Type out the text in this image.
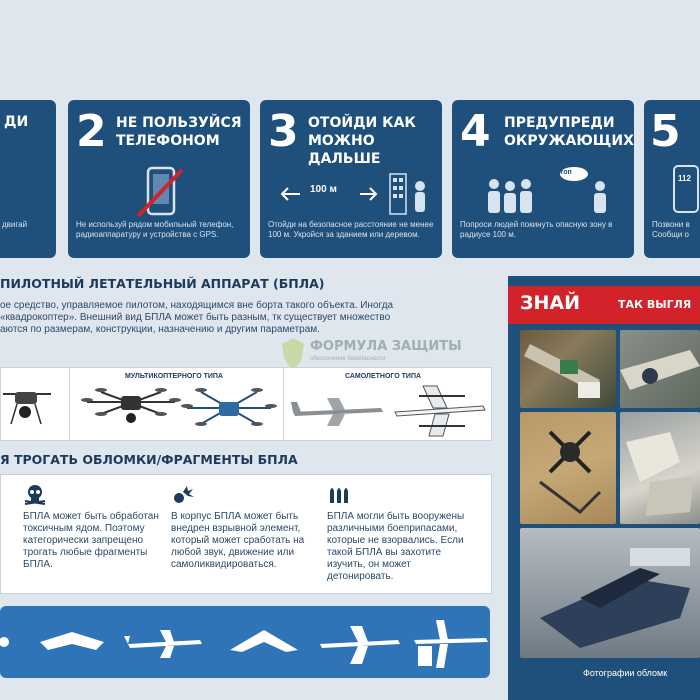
ДИ
двигай
2 НЕ ПОЛЬЗУЙСЯ ТЕЛЕФОНОМ
Не используй рядом мобильный телефон, радиоаппаратуру и устройства с GPS.
3 ОТОЙДИ КАК МОЖНО ДАЛЬШЕ
100 м
Отойди на безопасное расстояние не менее 100 м. Укройся за зданием или деревом.
4 ПРЕДУПРЕДИ ОКРУЖАЮЩИХ
стоп
Попроси людей покинуть опасную зону в радиусе 100 м.
5
112
Позвони в Сообщи о
ПИЛОТНЫЙ ЛЕТАТЕЛЬНЫЙ АППАРАТ (БПЛА)
ое средство, управляемое пилотом, находящимся вне борта такого объекта. Иногда
«квадрокоптер». Внешний вид БПЛА может быть разным, тк существует множество
аются по размерам, конструкции, назначению и другим параметрам.
ФОРМУЛА ЗАЩИТЫ
обеспечение безопасности
МУЛЬТИКОПТЕРНОГО ТИПА	САМОЛЕТНОГО ТИПА
Я ТРОГАТЬ ОБЛОМКИ/ФРАГМЕНТЫ БПЛА
БПЛА может быть обработан токсичным ядом. Поэтому категорически запрещено трогать любые фрагменты БПЛА.
В корпус БПЛА может быть внедрен взрывной элемент, который может сработать на любой звук, движение или самоликвидироваться.
БПЛА могли быть вооружены различными боеприпасами, которые не взорвались. Если такой БПЛА вы захотите изучить, он может детонировать.
ЗНАЙ	ТАК ВЫГЛЯ
Фотографии обломк
